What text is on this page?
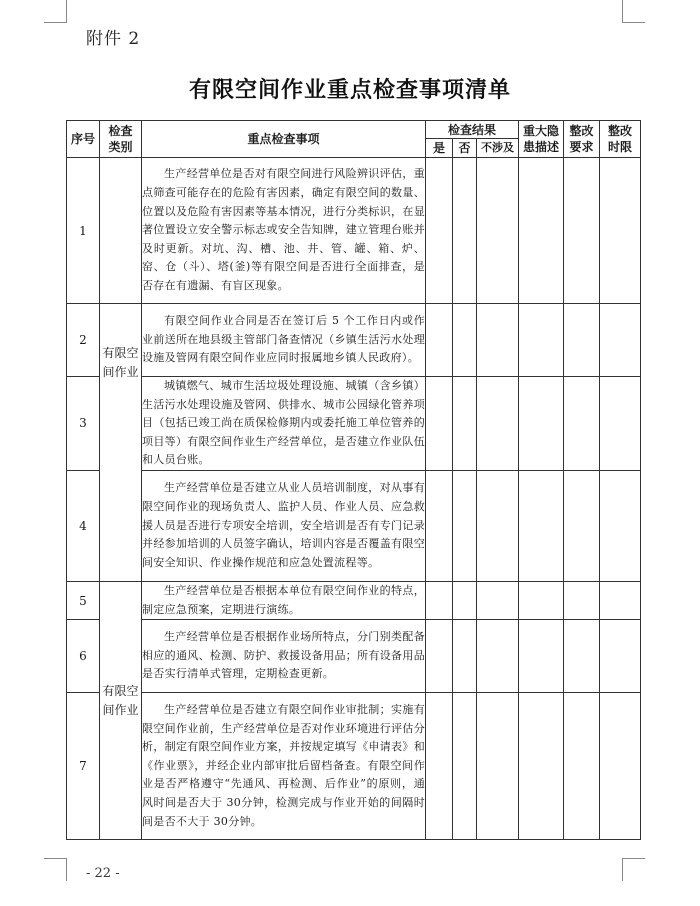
附件 2
有限空间作业重点检查事项清单
序号	检查类别	重点检查事项	检查结果			重大隐患描述	整改要求	整改时限
			是	否	不涉及			
1		生产经营单位是否对有限空间进行风险辨识评估，重点筛查可能存在的危险有害因素，确定有限空间的数量、位置以及危险有害因素等基本情况，进行分类标识，在显著位置设立安全警示标志或安全告知牌，建立管理台账并及时更新。对坑、沟、槽、池、井、管、罐、箱、炉、窑、仓（斗）、塔(釜)等有限空间是否进行全面排查，是否存在有遗漏、有盲区现象。						

2	有限空间作业	有限空间作业合同是否在签订后 5 个工作日内或作业前送所在地县级主管部门备查情况（乡镇生活污水处理设施及管网有限空间作业应同时报属地乡镇人民政府）。						

3		城镇燃气、城市生活垃圾处理设施、城镇（含乡镇）生活污水处理设施及管网、供排水、城市公园绿化管养项目（包括已竣工尚在质保检修期内或委托施工单位管养的项目等）有限空间作业生产经营单位，是否建立作业队伍和人员台账。						

4		生产经营单位是否建立从业人员培训制度，对从事有限空间作业的现场负责人、监护人员、作业人员、应急救援人员是否进行专项安全培训，安全培训是否有专门记录并经参加培训的人员签字确认，培训内容是否覆盖有限空间安全知识、作业操作规范和应急处置流程等。						

5	有限空间作业	生产经营单位是否根据本单位有限空间作业的特点，制定应急预案，定期进行演练。						

6		生产经营单位是否根据作业场所特点，分门别类配备相应的通风、检测、防护、救援设备用品；所有设备用品是否实行清单式管理，定期检查更新。						

7		生产经营单位是否建立有限空间作业审批制；实施有限空间作业前，生产经营单位是否对作业环境进行评估分析，制定有限空间作业方案，并按规定填写《申请表》和《作业票》，并经企业内部审批后留档备查。有限空间作业是否严格遵守“先通风、再检测、后作业”的原则，通风时间是否大于 30分钟，检测完成与作业开始的间隔时间是否不大于 30分钟。						

- 22 -
